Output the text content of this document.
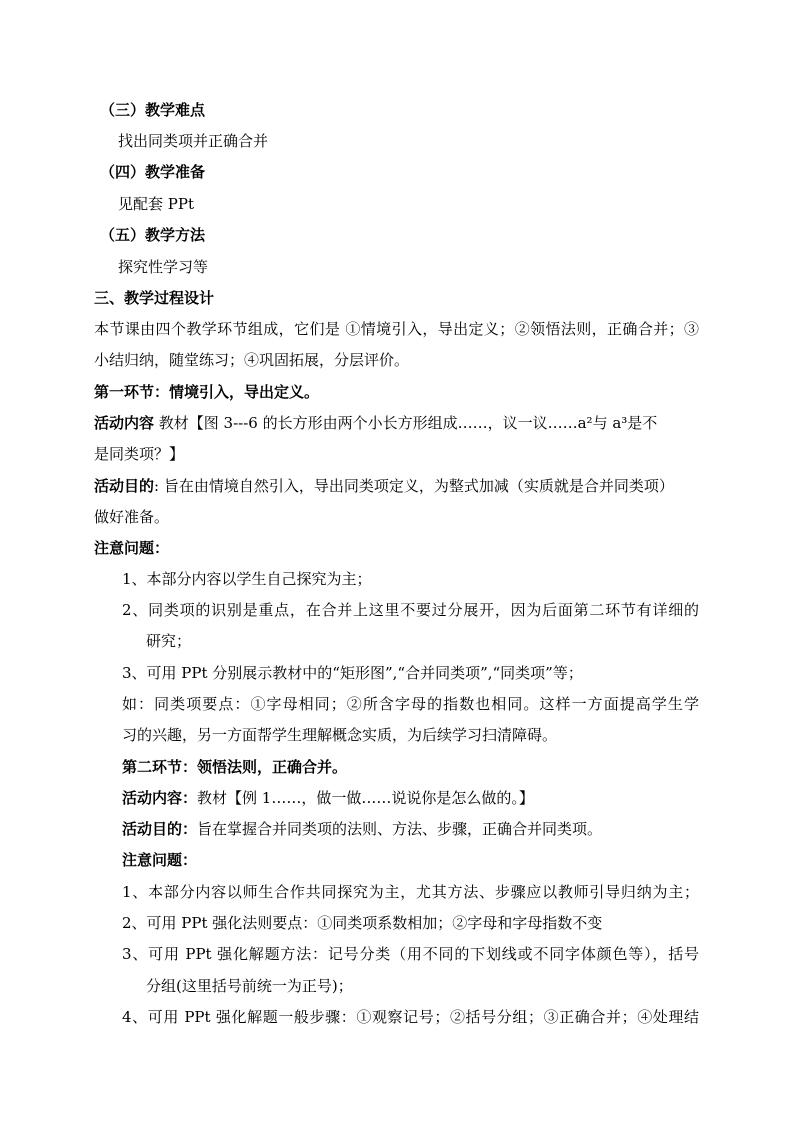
（三）教学难点
找出同类项并正确合并
（四）教学准备
见配套 PPt
（五）教学方法
探究性学习等
三、教学过程设计
本节课由四个教学环节组成，它们是 ①情境引入，导出定义；②领悟法则，正确合并；③
小结归纳，随堂练习；④巩固拓展，分层评价。
第一环节：情境引入，导出定义。
活动内容 教材【图 3---6 的长方形由两个小长方形组成……，议一议……a²与 a³是不
是同类项？】
活动目的: 旨在由情境自然引入，导出同类项定义，为整式加减（实质就是合并同类项）
做好准备。
注意问题：
1、本部分内容以学生自己探究为主；
2、同类项的识别是重点，在合并上这里不要过分展开，因为后面第二环节有详细的
研究；
3、可用 PPt 分别展示教材中的“矩形图”,“合并同类项”,“同类项”等；
如：同类项要点：①字母相同；②所含字母的指数也相同。这样一方面提高学生学
习的兴趣，另一方面帮学生理解概念实质，为后续学习扫清障碍。
第二环节：领悟法则，正确合并。
活动内容：教材【例 1……，做一做……说说你是怎么做的。】
活动目的：旨在掌握合并同类项的法则、方法、步骤，正确合并同类项。
注意问题：
1、本部分内容以师生合作共同探究为主，尤其方法、步骤应以教师引导归纳为主；
2、可用 PPt 强化法则要点：①同类项系数相加；②字母和字母指数不变
3、可用 PPt 强化解题方法：记号分类（用不同的下划线或不同字体颜色等），括号
分组(这里括号前统一为正号)；
4、可用 PPt 强化解题一般步骤：①观察记号；②括号分组；③正确合并；④处理结
